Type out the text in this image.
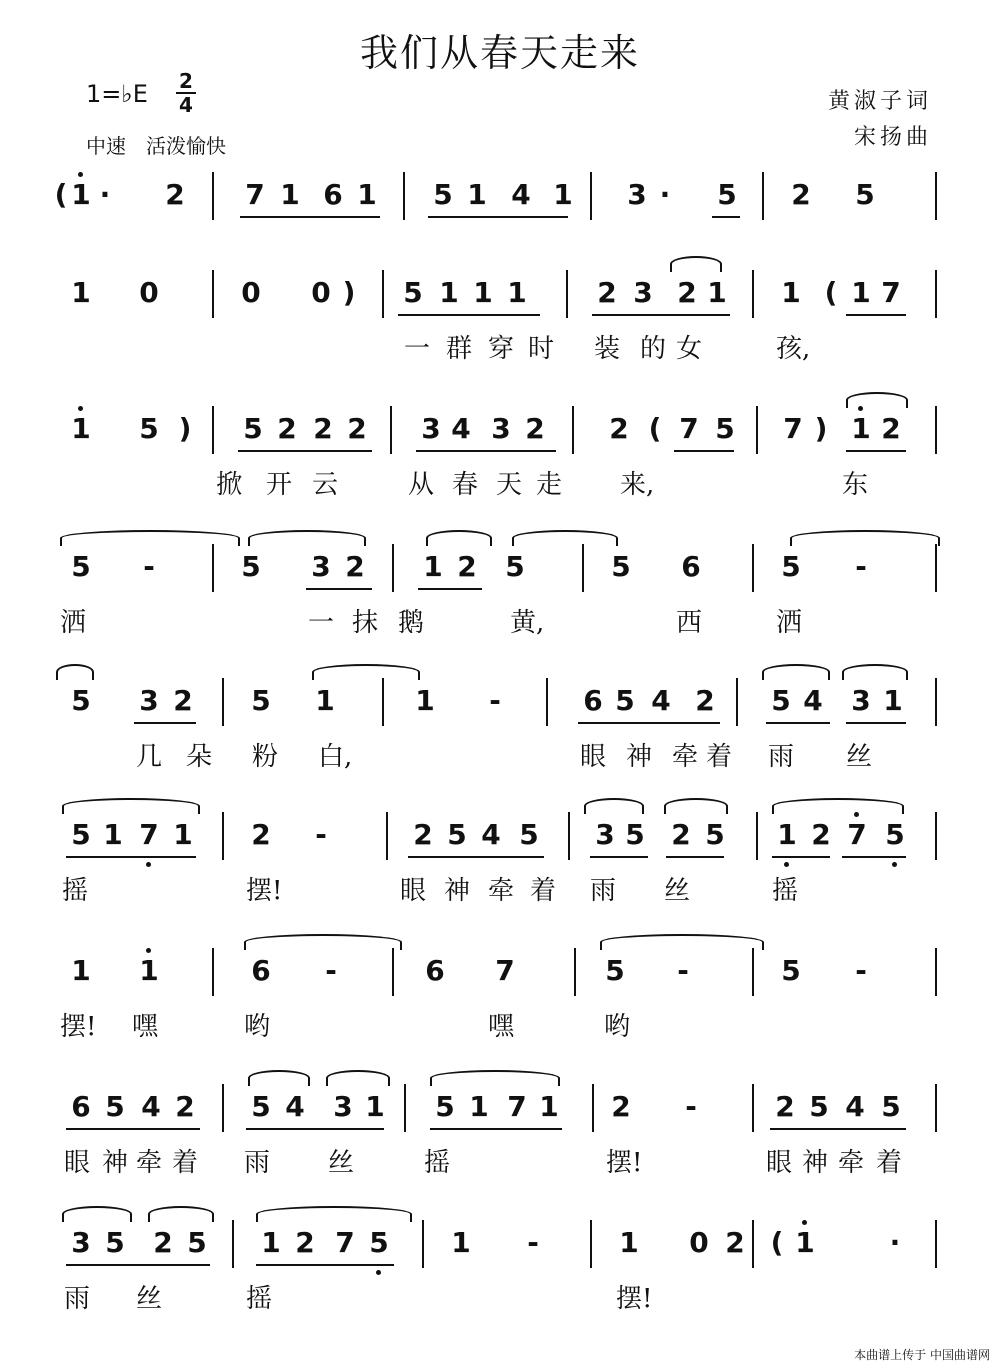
我们从春天走来
1=♭E 2
4
中速　活泼愉快
黄淑子词
宋扬曲
( 1 ·	2 7 1 6 1 5 1 4 1 3 ·	5 2 5
1 0	0 0 )	5 1 1 1	2 3 2 1 1 ( 1 7
一 群 穿 时 装 的 女	孩,
1 5 )	5 2 2 2 3 4 3 2 2 ( 7 5 7 ) 1 2
掀 开 云	从 春 天 走 来,	东
5	-	5 3 2 1 2 5	5 6	5	-
洒	一 抹 鹅	黄,	西	洒
5 3 2 5 1	1	-	6 5 4 2 5 4 3 1
几 朵 粉 白,	眼 神 牵 着 雨 丝
5 1 7 1 2	-	2 5 4 5 3 5 2 5 1 2 7 5
摇	摆!	眼 神 牵 着 雨 丝	摇
1 1	6	-	6 7	5	-	5	-
摆! 嘿	哟	嘿	哟
6 5 4 2 5 4 3 1 5 1 7 1 2	-	2 5 4 5
眼 神 牵 着 雨 丝	摇	摆!	眼 神 牵 着
3 5 2 5 1 2 7 5 1	-	1 0	( 1	·
2
雨 丝	摇	摆!
本曲谱上传于 中国曲谱网
